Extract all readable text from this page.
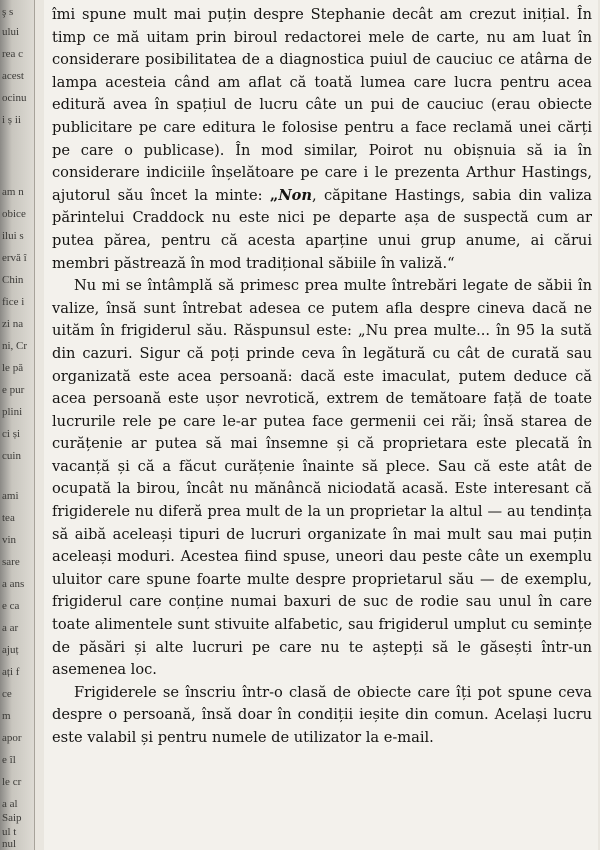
ş s
ului
rea c
acest
ocinu
i ș ii
am n
obice
ilui s
ervă î
Chin
fice i
zi na
ni, Cr
le pă
e pur
plini
ci și
cuin
ami
tea
vin
sare
a ans
e ca
a ar
ajuț
ați f
ce
m
apor
e îl
le cr
a al
Saip
ul t
nul

îmi spune mult mai puțin despre Stephanie decât am crezut inițial. În timp ce mă uitam prin biroul redactorei mele de carte, nu am luat în considerare posibilitatea de a diagnostica puiul de cauciuc ce atârna de lampa acesteia când am aflat că toată lumea care lucra pentru acea editură avea în spațiul de lucru câte un pui de cauciuc (erau obiecte publicitare pe care editura le folosise pentru a face reclamă unei cărți pe care o publicase). În mod similar, Poirot nu obișnuia să ia în considerare indiciile înșelătoare pe care i le prezenta Arthur Hastings, ajutorul său încet la minte: „Non, căpitane Hastings, sabia din valiza părintelui Craddock nu este nici pe departe așa de suspectă cum ar putea părea, pentru că acesta aparține unui grup anume, ai cărui membri păstrează în mod tradițional săbiile în valiză.“

Nu mi se întâmplă să primesc prea multe întrebări legate de săbii în valize, însă sunt întrebat adesea ce putem afla despre cineva dacă ne uităm în frigiderul său. Răspunsul este: „Nu prea multe... în 95 la sută din cazuri. Sigur că poți prinde ceva în legătură cu cât de curată sau organizată este acea persoană: dacă este imaculat, putem deduce că acea persoană este ușor nevrotică, extrem de temătoare față de toate lucrurile rele pe care le-ar putea face germenii cei răi; însă starea de curățenie ar putea să mai însemne și că proprietara este plecată în vacanță și că a făcut curățenie înainte să plece. Sau că este atât de ocupată la birou, încât nu mănâncă niciodată acasă. Este interesant că frigiderele nu diferă prea mult de la un proprietar la altul — au tendința să aibă aceleași tipuri de lucruri organizate în mai mult sau mai puțin aceleași moduri. Acestea fiind spuse, uneori dau peste câte un exemplu uluitor care spune foarte multe despre proprietarul său — de exemplu, frigiderul care conține numai baxuri de suc de rodie sau unul în care toate alimentele sunt stivuite alfabetic, sau frigiderul umplut cu semințe de păsări și alte lucruri pe care nu te aștepți să le găsești într-un asemenea loc.

Frigiderele se înscriu într-o clasă de obiecte care îți pot spune ceva despre o persoană, însă doar în condiții ieșite din comun. Același lucru este valabil și pentru numele de utilizator la e-mail.
